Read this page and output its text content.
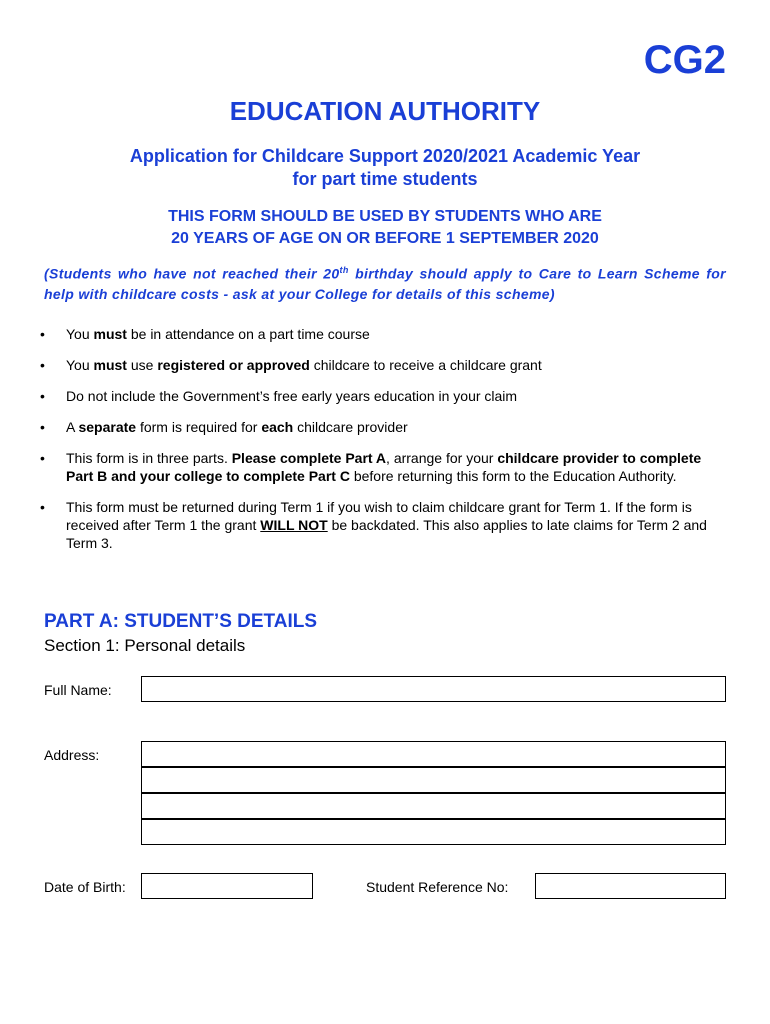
CG2
EDUCATION AUTHORITY
Application for Childcare Support 2020/2021 Academic Year
for part time students
THIS FORM SHOULD BE USED BY STUDENTS WHO ARE
20 YEARS OF AGE ON OR BEFORE 1 SEPTEMBER 2020
(Students who have not reached their 20th birthday should apply to Care to Learn Scheme for help with childcare costs - ask at your College for details of this scheme)
•	You must be in attendance on a part time course
•	You must use registered or approved childcare to receive a childcare grant
•	Do not include the Government’s free early years education in your claim
•	A separate form is required for each childcare provider
•	This form is in three parts. Please complete Part A, arrange for your childcare provider to complete Part B and your college to complete Part C before returning this form to the Education Authority.
•	This form must be returned during Term 1 if you wish to claim childcare grant for Term 1. If the form is received after Term 1 the grant WILL NOT be backdated. This also applies to late claims for Term 2 and Term 3.
PART A: STUDENT’S DETAILS
Section 1: Personal details
Full Name:
Address:
Date of Birth:	Student Reference No:
